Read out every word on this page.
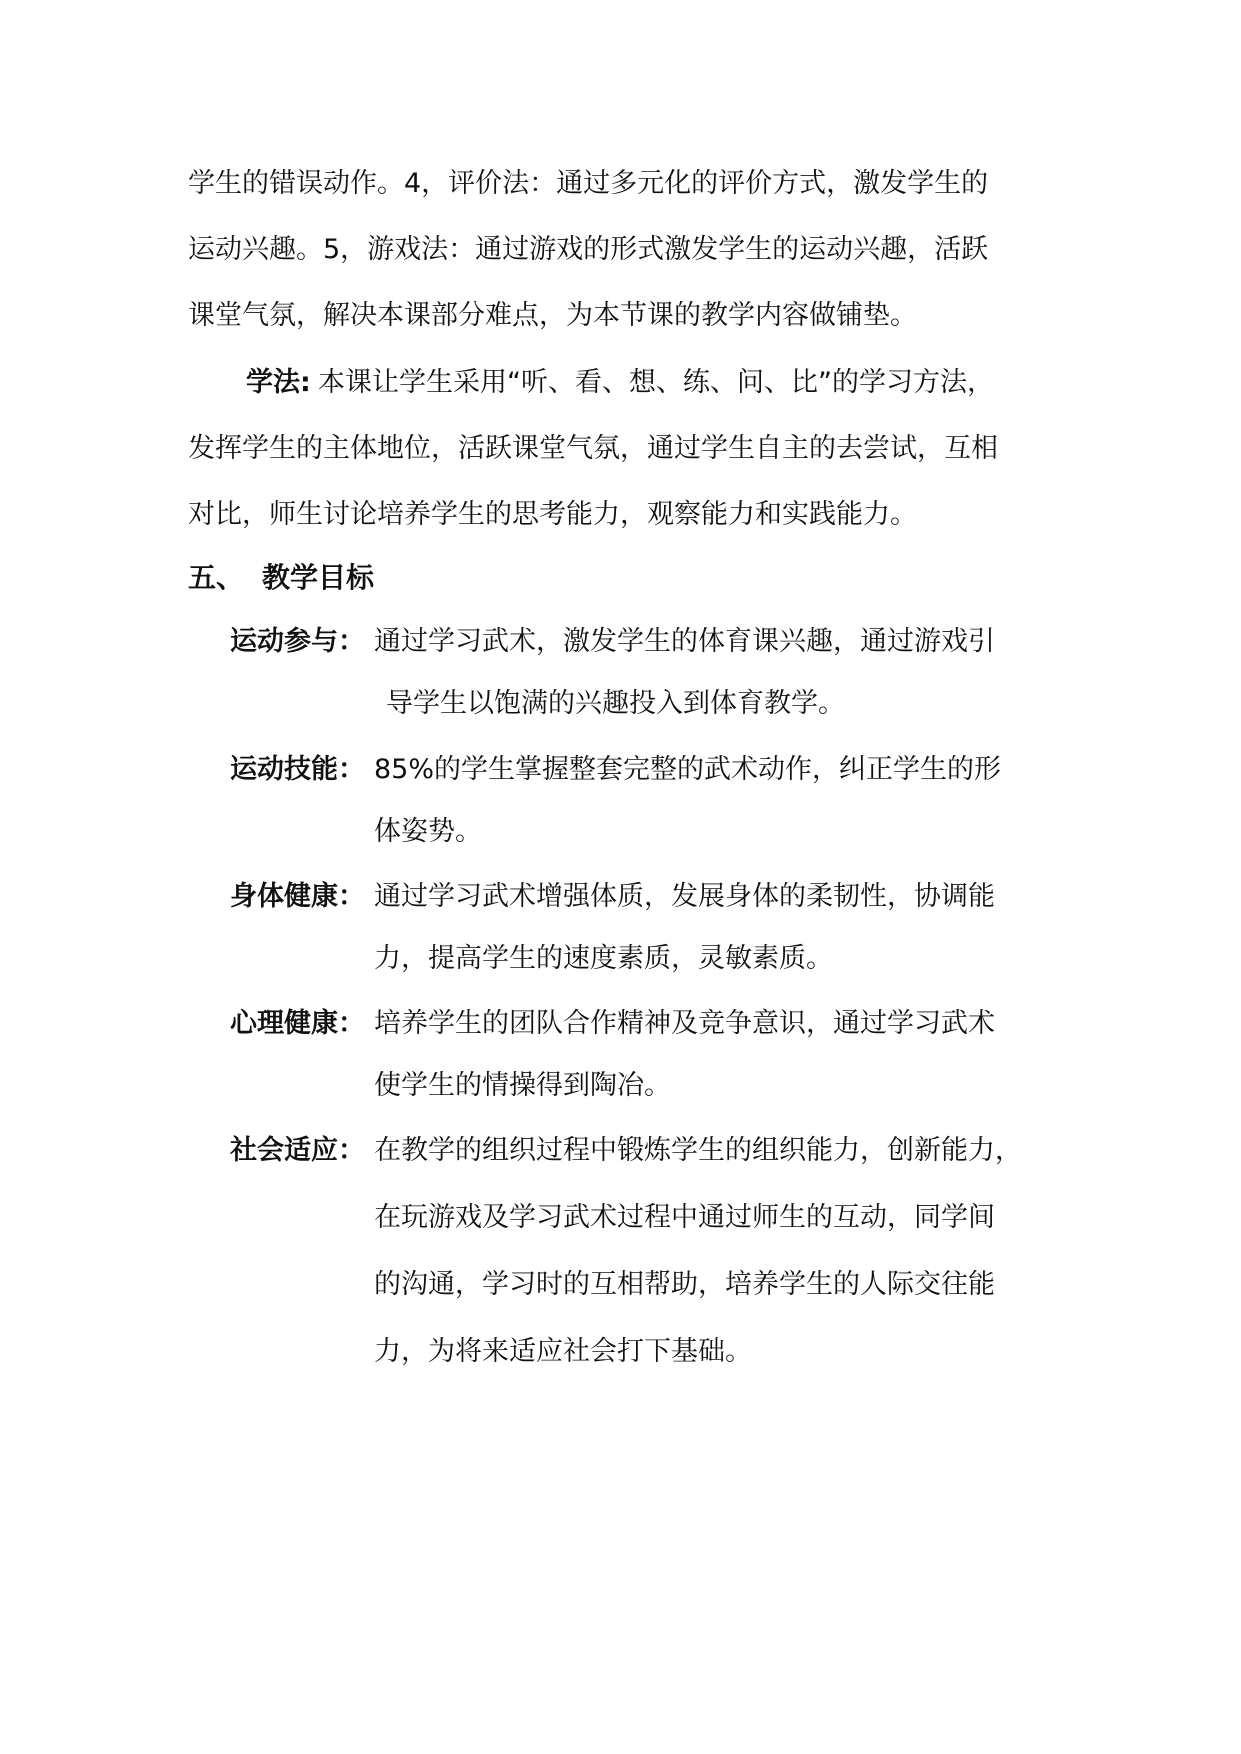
学生的错误动作。4，评价法：通过多元化的评价方式，激发学生的
运动兴趣。5，游戏法：通过游戏的形式激发学生的运动兴趣，活跃
课堂气氛，解决本课部分难点，为本节课的教学内容做铺垫。
学法: 本课让学生采用“听、看、想、练、问、比”的学习方法，
发挥学生的主体地位，活跃课堂气氛，通过学生自主的去尝试，互相
对比，师生讨论培养学生的思考能力，观察能力和实践能力。
五、 教学目标
运动参与： 通过学习武术，激发学生的体育课兴趣，通过游戏引
导学生以饱满的兴趣投入到体育教学。
运动技能： 85%的学生掌握整套完整的武术动作，纠正学生的形
体姿势。
身体健康： 通过学习武术增强体质，发展身体的柔韧性，协调能
力，提高学生的速度素质，灵敏素质。
心理健康： 培养学生的团队合作精神及竞争意识，通过学习武术
使学生的情操得到陶冶。
社会适应： 在教学的组织过程中锻炼学生的组织能力，创新能力，
在玩游戏及学习武术过程中通过师生的互动，同学间
的沟通，学习时的互相帮助，培养学生的人际交往能
力，为将来适应社会打下基础。
